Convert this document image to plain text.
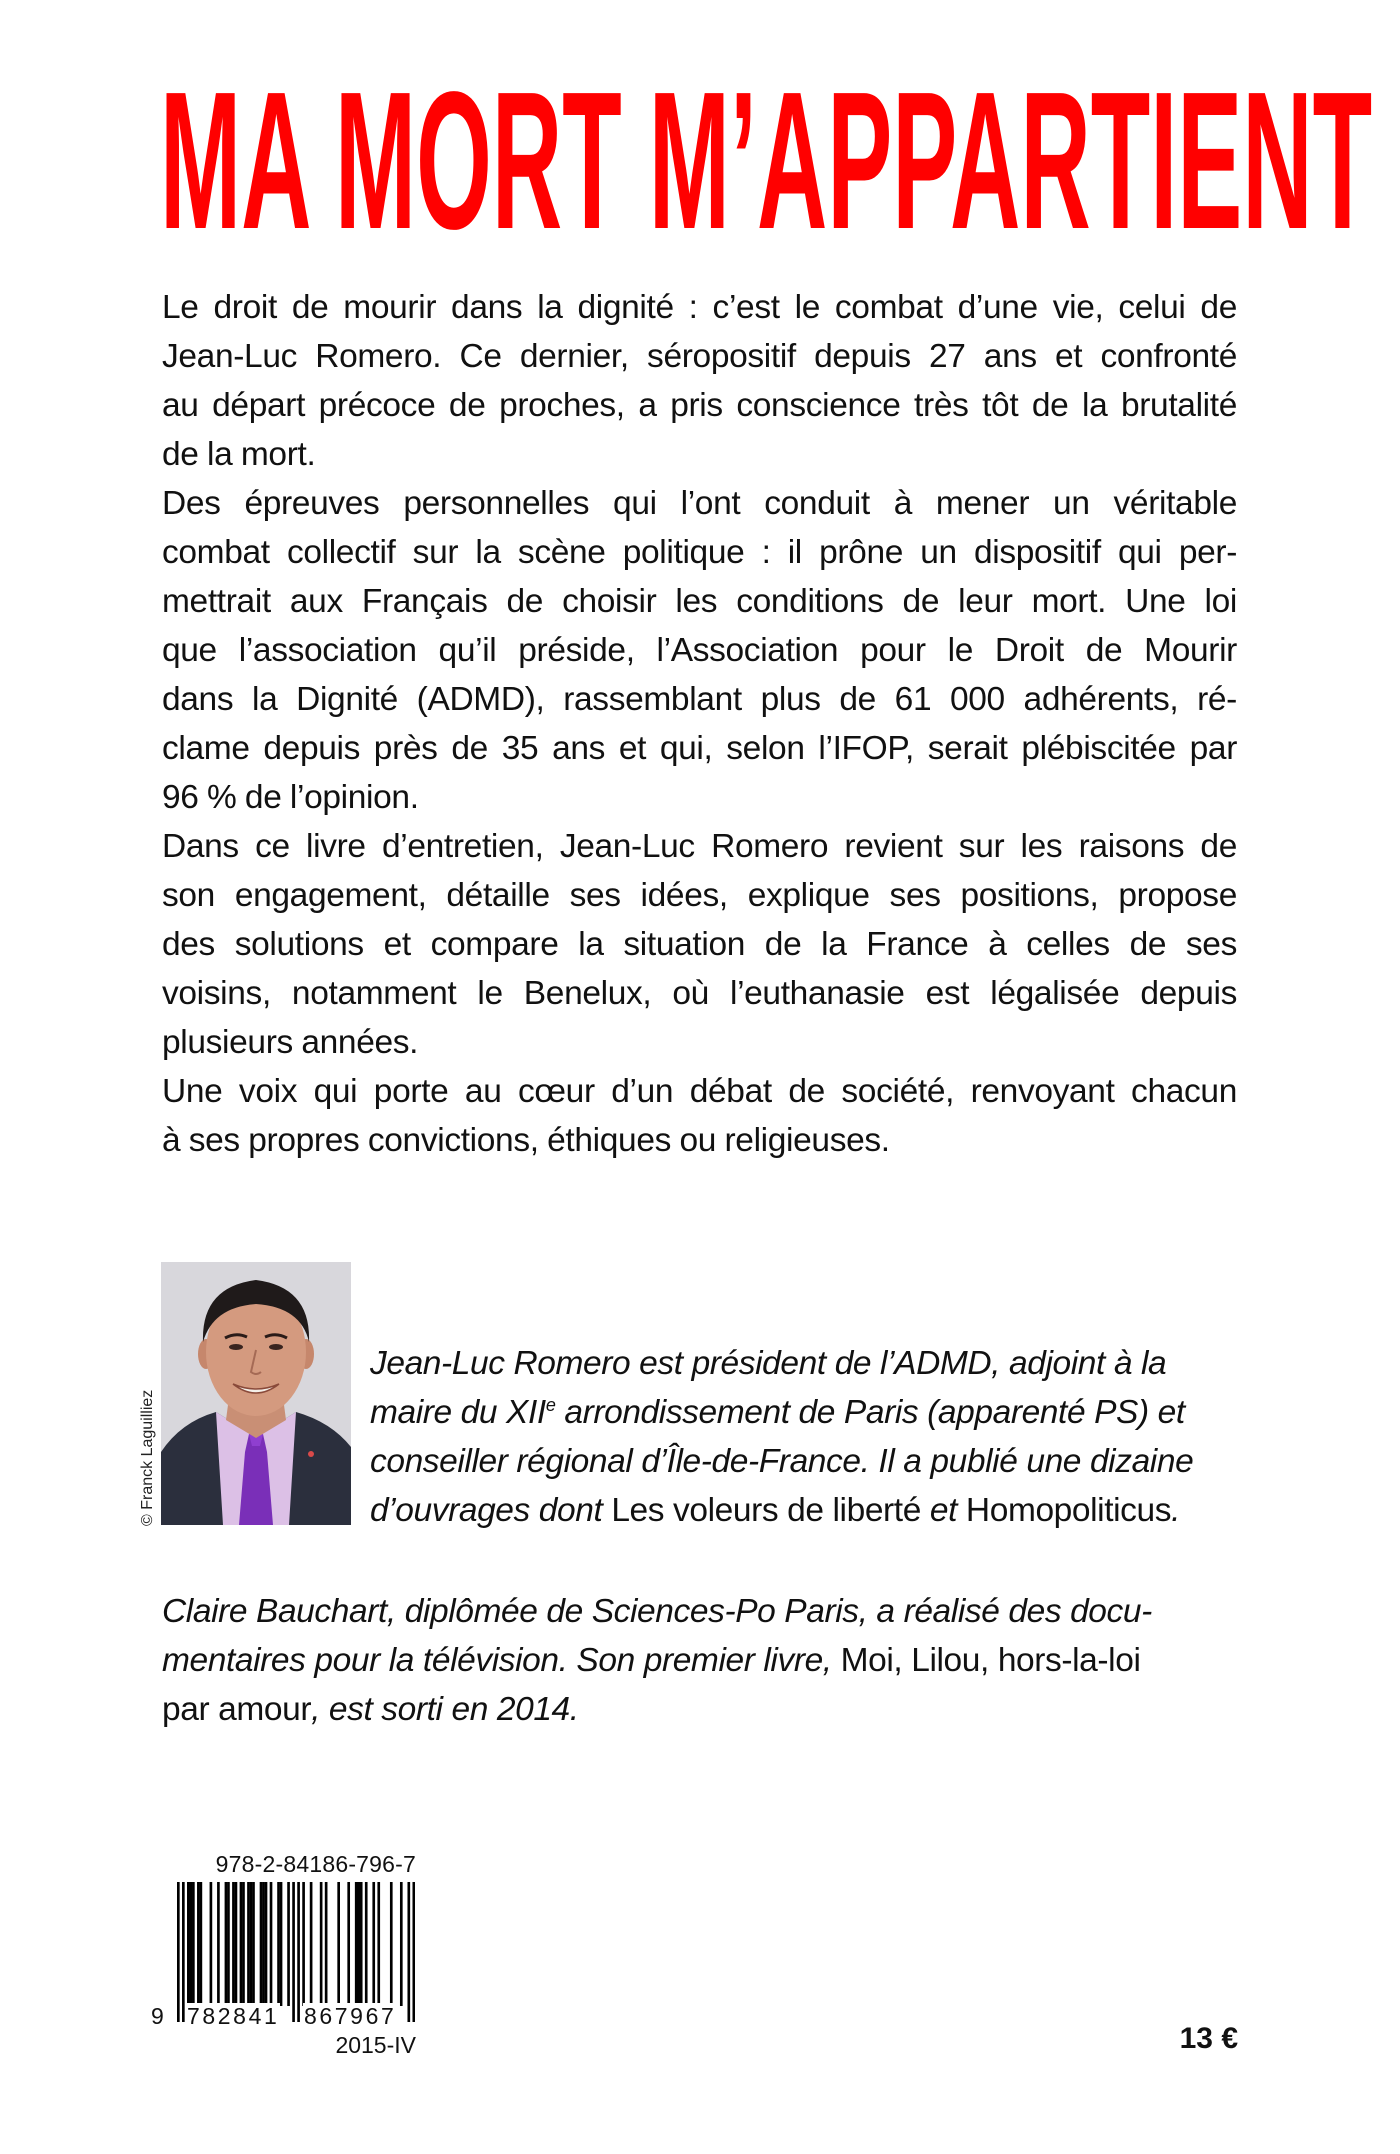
MA MORT M’APPARTIENT
Le droit de mourir dans la dignité : c’est le combat d’une vie, celui de
Jean-Luc Romero. Ce dernier, séropositif depuis 27 ans et confronté
au départ précoce de proches, a pris conscience très tôt de la brutalité
de la mort.
Des épreuves personnelles qui l’ont conduit à mener un véritable
combat collectif sur la scène politique : il prône un dispositif qui per-
mettrait aux Français de choisir les conditions de leur mort. Une loi
que l’association qu’il préside, l’Association pour le Droit de Mourir
dans la Dignité (ADMD), rassemblant plus de 61 000 adhérents, ré-
clame depuis près de 35 ans et qui, selon l’IFOP, serait plébiscitée par
96 % de l’opinion.
Dans ce livre d’entretien, Jean-Luc Romero revient sur les raisons de
son engagement, détaille ses idées, explique ses positions, propose
des solutions et compare la situation de la France à celles de ses
voisins, notamment le Benelux, où l’euthanasie est légalisée depuis
plusieurs années.
Une voix qui porte au cœur d’un débat de société, renvoyant chacun
à ses propres convictions, éthiques ou religieuses.
© Franck Laguilliez
Jean-Luc Romero est président de l’ADMD, adjoint à la
maire du XIIe arrondissement de Paris (apparenté PS) et
conseiller régional d’Île-de-France. Il a publié une dizaine
d’ouvrages dont Les voleurs de liberté et Homopoliticus.
Claire Bauchart, diplômée de Sciences-Po Paris, a réalisé des docu-
mentaires pour la télévision. Son premier livre, Moi, Lilou, hors-la-loi
par amour, est sorti en 2014.
978-2-84186-796-7
9 782841 867967
2015-IV	13 €
